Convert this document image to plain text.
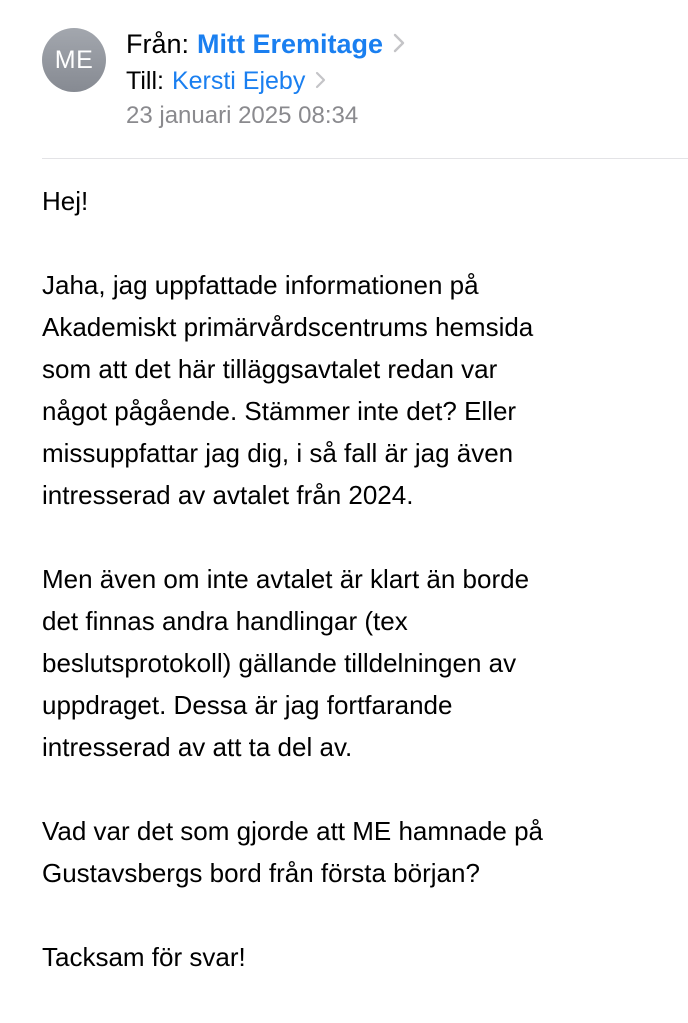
ME
Från: Mitt Eremitage
Till: Kersti Ejeby
23 januari 2025 08:34

Hej!

Jaha, jag uppfattade informationen på
Akademiskt primärvårdscentrums hemsida
som att det här tilläggsavtalet redan var
något pågående. Stämmer inte det? Eller
missuppfattar jag dig, i så fall är jag även
intresserad av avtalet från 2024.

Men även om inte avtalet är klart än borde
det finnas andra handlingar (tex
beslutsprotokoll) gällande tilldelningen av
uppdraget. Dessa är jag fortfarande
intresserad av att ta del av.

Vad var det som gjorde att ME hamnade på
Gustavsbergs bord från första början?

Tacksam för svar!
